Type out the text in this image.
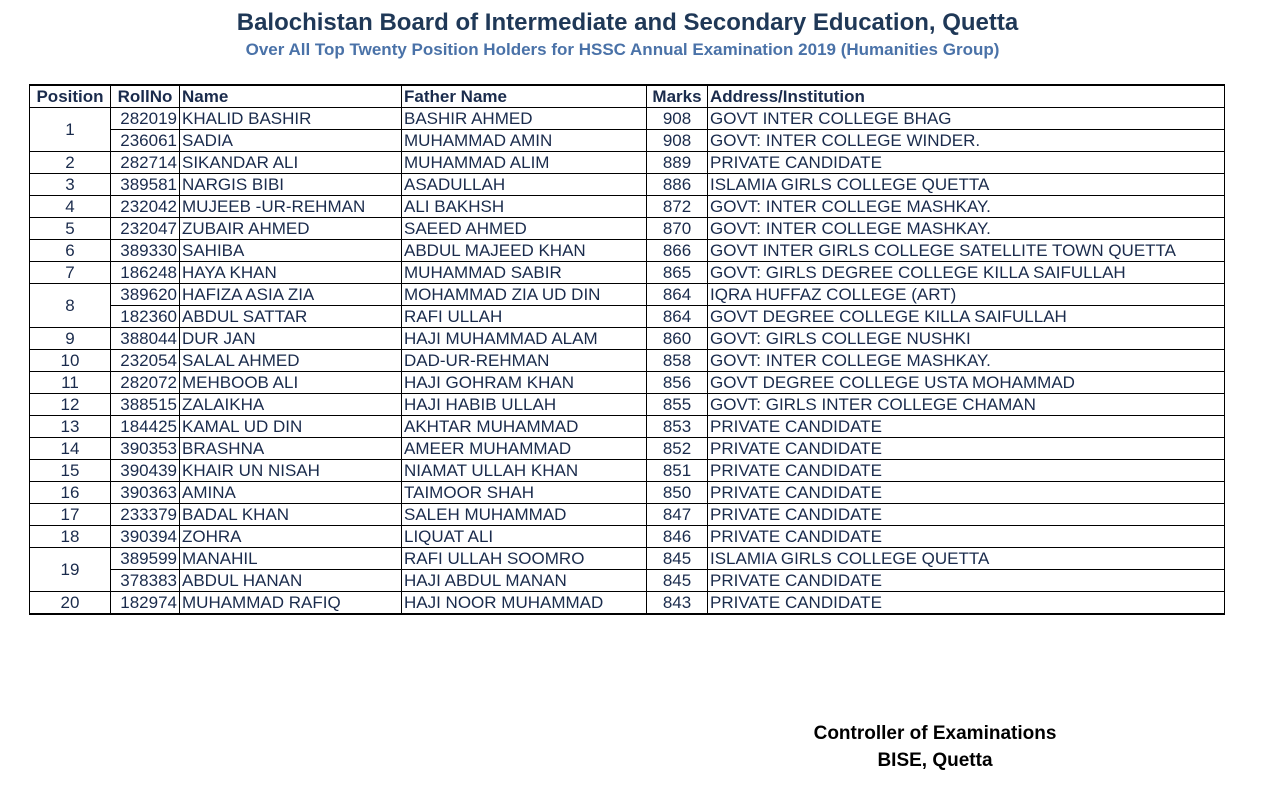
Balochistan Board of Intermediate and Secondary Education, Quetta
Over All Top Twenty Position Holders for HSSC Annual Examination 2019 (Humanities Group)
Position	RollNo	Name	Father Name	Marks	Address/Institution
1	282019	KHALID BASHIR	BASHIR AHMED	908	GOVT INTER COLLEGE BHAG
	236061	SADIA	MUHAMMAD AMIN	908	GOVT: INTER COLLEGE WINDER.
2	282714	SIKANDAR ALI	MUHAMMAD ALIM	889	PRIVATE CANDIDATE
3	389581	NARGIS BIBI	ASADULLAH	886	ISLAMIA GIRLS COLLEGE QUETTA
4	232042	MUJEEB -UR-REHMAN	ALI BAKHSH	872	GOVT: INTER COLLEGE MASHKAY.
5	232047	ZUBAIR AHMED	SAEED AHMED	870	GOVT: INTER COLLEGE MASHKAY.
6	389330	SAHIBA	ABDUL MAJEED KHAN	866	GOVT INTER GIRLS COLLEGE SATELLITE TOWN QUETTA
7	186248	HAYA KHAN	MUHAMMAD SABIR	865	GOVT: GIRLS DEGREE COLLEGE KILLA SAIFULLAH
8	389620	HAFIZA ASIA ZIA	MOHAMMAD ZIA UD DIN	864	IQRA HUFFAZ COLLEGE (ART)
	182360	ABDUL SATTAR	RAFI ULLAH	864	GOVT DEGREE COLLEGE KILLA SAIFULLAH
9	388044	DUR JAN	HAJI MUHAMMAD ALAM	860	GOVT: GIRLS COLLEGE NUSHKI
10	232054	SALAL AHMED	DAD-UR-REHMAN	858	GOVT: INTER COLLEGE MASHKAY.
11	282072	MEHBOOB ALI	HAJI GOHRAM KHAN	856	GOVT DEGREE COLLEGE USTA MOHAMMAD
12	388515	ZALAIKHA	HAJI HABIB ULLAH	855	GOVT: GIRLS INTER COLLEGE CHAMAN
13	184425	KAMAL UD DIN	AKHTAR MUHAMMAD	853	PRIVATE CANDIDATE
14	390353	BRASHNA	AMEER MUHAMMAD	852	PRIVATE CANDIDATE
15	390439	KHAIR UN NISAH	NIAMAT ULLAH KHAN	851	PRIVATE CANDIDATE
16	390363	AMINA	TAIMOOR SHAH	850	PRIVATE CANDIDATE
17	233379	BADAL KHAN	SALEH MUHAMMAD	847	PRIVATE CANDIDATE
18	390394	ZOHRA	LIQUAT ALI	846	PRIVATE CANDIDATE
19	389599	MANAHIL	RAFI ULLAH SOOMRO	845	ISLAMIA GIRLS COLLEGE QUETTA
	378383	ABDUL HANAN	HAJI ABDUL MANAN	845	PRIVATE CANDIDATE
20	182974	MUHAMMAD RAFIQ	HAJI NOOR MUHAMMAD	843	PRIVATE CANDIDATE
Controller of Examinations
BISE, Quetta
